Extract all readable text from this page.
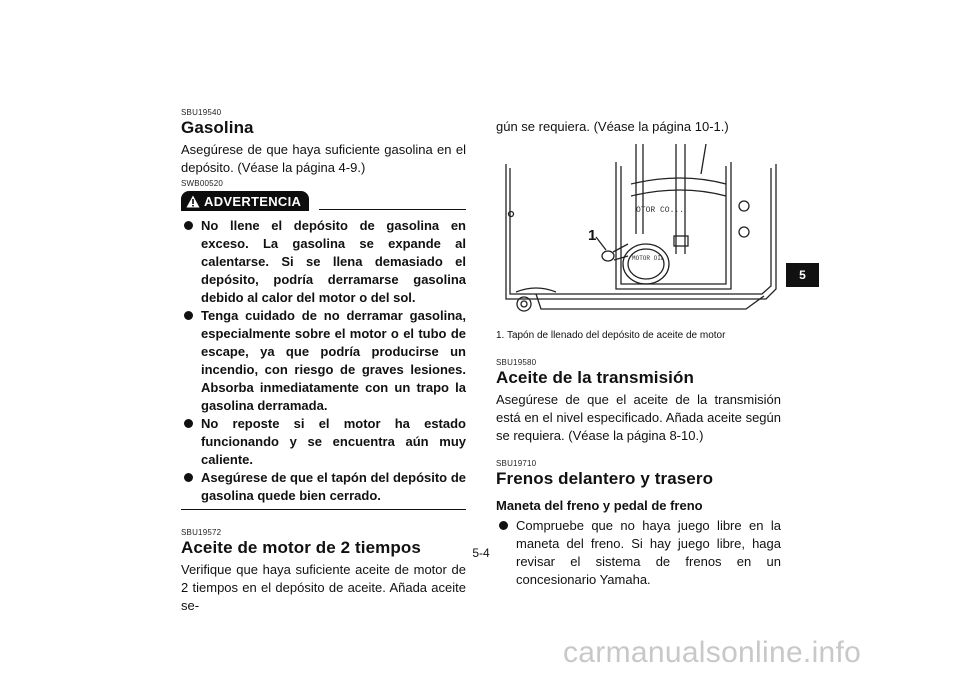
SBU19540
Gasolina

Asegúrese de que haya suficiente gasolina en el depósito. (Véase la página 4-9.)

SWB00520
ADVERTENCIA
No llene el depósito de gasolina en exceso. La gasolina se expande al calentarse. Si se llena demasiado el depósito, podría derramarse gasolina debido al calor del motor o del sol.
Tenga cuidado de no derramar gasolina, especialmente sobre el motor o el tubo de escape, ya que podría producirse un incendio, con riesgo de graves lesiones. Absorba inmediatamente con un trapo la gasolina derramada.
No reposte si el motor ha estado funcionando y se encuentra aún muy caliente.
Asegúrese de que el tapón del depósito de gasolina quede bien cerrado.
SBU19572
Aceite de motor de 2 tiempos

Verifique que haya suficiente aceite de motor de 2 tiempos en el depósito de aceite. Añada aceite se-

gún se requiera. (Véase la página 10-1.)

1
OTOR CO...
MOTOR OIL
1. Tapón de llenado del depósito de aceite de motor
SBU19580
Aceite de la transmisión

Asegúrese de que el aceite de la transmisión está en el nivel especificado. Añada aceite según se requiera. (Véase la página 8-10.)

SBU19710
Frenos delantero y trasero
Maneta del freno y pedal de freno
Compruebe que no haya juego libre en la maneta del freno. Si hay juego libre, haga revisar el sistema de frenos en un concesionario Yamaha.
5
5-4
carmanualsonline.info
